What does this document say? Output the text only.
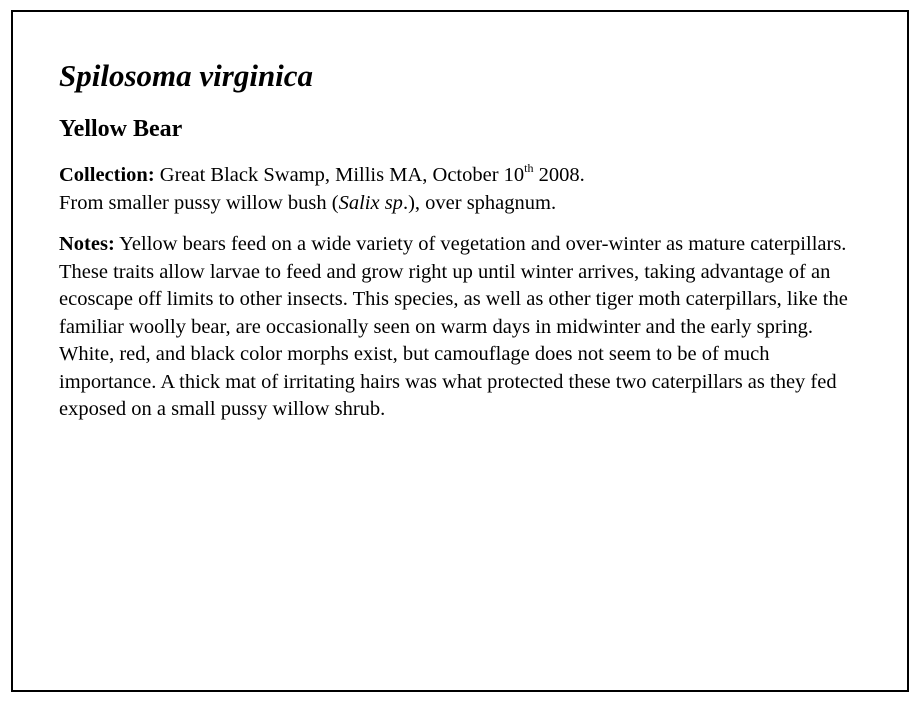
Spilosoma virginica
Yellow Bear

Collection: Great Black Swamp, Millis MA, October 10th 2008.
From smaller pussy willow bush (Salix sp.), over sphagnum.

Notes: Yellow bears feed on a wide variety of vegetation and over-winter as mature caterpillars. These traits allow larvae to feed and grow right up until winter arrives, taking advantage of an ecoscape off limits to other insects. This species, as well as other tiger moth caterpillars, like the familiar woolly bear, are occasionally seen on warm days in midwinter and the early spring. White, red, and black color morphs exist, but camouflage does not seem to be of much importance. A thick mat of irritating hairs was what protected these two caterpillars as they fed exposed on a small pussy willow shrub.
